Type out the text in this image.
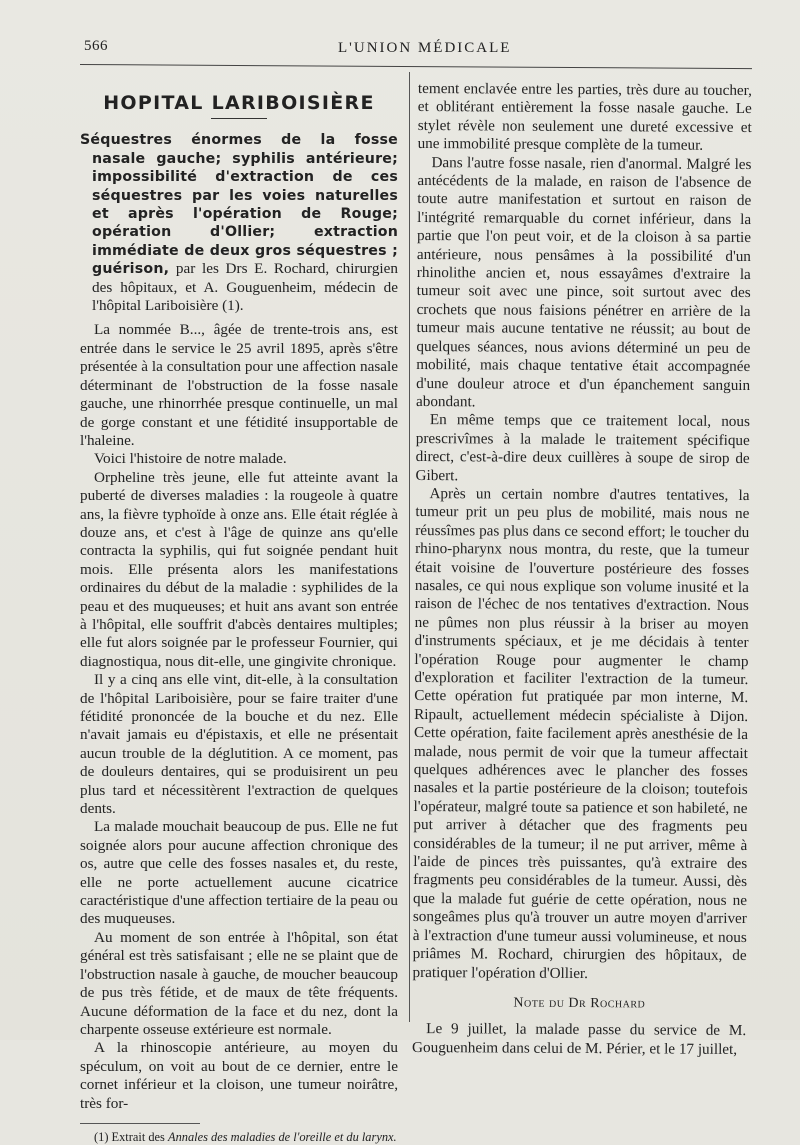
566	L'UNION MÉDICALE
HOPITAL LARIBOISIÈRE
Séquestres énormes de la fosse nasale gauche; syphilis antérieure; impossibilité d'extraction de ces séquestres par les voies naturelles et après l'opération de Rouge; opération d'Ollier; extraction immédiate de deux gros séquestres ; guérison, par les Drs E. Rochard, chirurgien des hôpitaux, et A. Gouguenheim, médecin de l'hôpital Lariboisière (1).

La nommée B..., âgée de trente-trois ans, est entrée dans le service le 25 avril 1895, après s'être présentée à la consultation pour une affection nasale déterminant de l'obstruction de la fosse nasale gauche, une rhinorrhée presque continuelle, un mal de gorge constant et une fétidité insupportable de l'haleine.

Voici l'histoire de notre malade.

Orpheline très jeune, elle fut atteinte avant la puberté de diverses maladies : la rougeole à quatre ans, la fièvre typhoïde à onze ans. Elle était réglée à douze ans, et c'est à l'âge de quinze ans qu'elle contracta la syphilis, qui fut soignée pendant huit mois. Elle présenta alors les manifestations ordinaires du début de la maladie : syphilides de la peau et des muqueuses; et huit ans avant son entrée à l'hôpital, elle souffrit d'abcès dentaires multiples; elle fut alors soignée par le professeur Fournier, qui diagnostiqua, nous dit-elle, une gingivite chronique.

Il y a cinq ans elle vint, dit-elle, à la consultation de l'hôpital Lariboisière, pour se faire traiter d'une fétidité prononcée de la bouche et du nez. Elle n'avait jamais eu d'épistaxis, et elle ne présentait aucun trouble de la déglutition. A ce moment, pas de douleurs dentaires, qui se produisirent un peu plus tard et nécessitèrent l'extraction de quelques dents.

La malade mouchait beaucoup de pus. Elle ne fut soignée alors pour aucune affection chronique des os, autre que celle des fosses nasales et, du reste, elle ne porte actuellement aucune cicatrice caractéristique d'une affection tertiaire de la peau ou des muqueuses.

Au moment de son entrée à l'hôpital, son état général est très satisfaisant ; elle ne se plaint que de l'obstruction nasale à gauche, de moucher beaucoup de pus très fétide, et de maux de tête fréquents. Aucune déformation de la face et du nez, dont la charpente osseuse extérieure est normale.

A la rhinoscopie antérieure, au moyen du spéculum, on voit au bout de ce dernier, entre le cornet inférieur et la cloison, une tumeur noirâtre, très for-

(1) Extrait des Annales des maladies de l'oreille et du larynx.

tement enclavée entre les parties, très dure au toucher, et oblitérant entièrement la fosse nasale gauche. Le stylet révèle non seulement une dureté excessive et une immobilité presque complète de la tumeur.

Dans l'autre fosse nasale, rien d'anormal. Malgré les antécédents de la malade, en raison de l'absence de toute autre manifestation et surtout en raison de l'intégrité remarquable du cornet inférieur, dans la partie que l'on peut voir, et de la cloison à sa partie antérieure, nous pensâmes à la possibilité d'un rhinolithe ancien et, nous essayâmes d'extraire la tumeur soit avec une pince, soit surtout avec des crochets que nous faisions pénétrer en arrière de la tumeur mais aucune tentative ne réussit; au bout de quelques séances, nous avions déterminé un peu de mobilité, mais chaque tentative était accompagnée d'une douleur atroce et d'un épanchement sanguin abondant.

En même temps que ce traitement local, nous prescrivîmes à la malade le traitement spécifique direct, c'est-à-dire deux cuillères à soupe de sirop de Gibert.

Après un certain nombre d'autres tentatives, la tumeur prit un peu plus de mobilité, mais nous ne réussîmes pas plus dans ce second effort; le toucher du rhino-pharynx nous montra, du reste, que la tumeur était voisine de l'ouverture postérieure des fosses nasales, ce qui nous explique son volume inusité et la raison de l'échec de nos tentatives d'extraction. Nous ne pûmes non plus réussir à la briser au moyen d'instruments spéciaux, et je me décidais à tenter l'opération Rouge pour augmenter le champ d'exploration et faciliter l'extraction de la tumeur. Cette opération fut pratiquée par mon interne, M. Ripault, actuellement médecin spécialiste à Dijon. Cette opération, faite facilement après anesthésie de la malade, nous permit de voir que la tumeur affectait quelques adhérences avec le plancher des fosses nasales et la partie postérieure de la cloison; toutefois l'opérateur, malgré toute sa patience et son habileté, ne put arriver à détacher que des fragments peu considérables de la tumeur; il ne put arriver, même à l'aide de pinces très puissantes, qu'à extraire des fragments peu considérables de la tumeur. Aussi, dès que la malade fut guérie de cette opération, nous ne songeâmes plus qu'à trouver un autre moyen d'arriver à l'extraction d'une tumeur aussi volumineuse, et nous priâmes M. Rochard, chirurgien des hôpitaux, de pratiquer l'opération d'Ollier.

Note du Dr Rochard

Le 9 juillet, la malade passe du service de M. Gouguenheim dans celui de M. Périer, et le 17 juillet,
